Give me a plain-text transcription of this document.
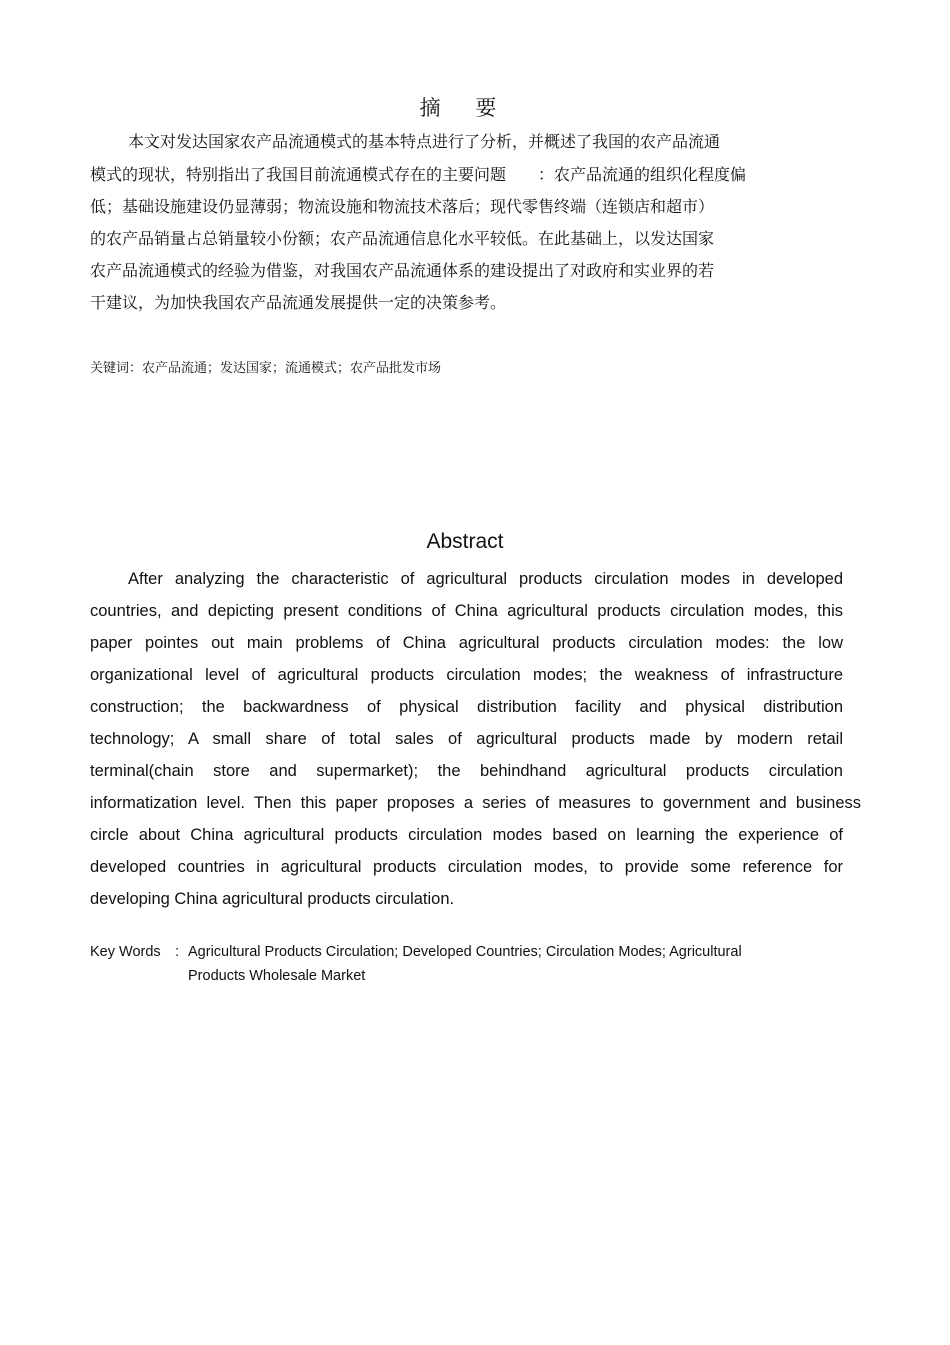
摘 要
本文对发达国家农产品流通模式的基本特点进行了分析，并概述了我国的农产品流通
模式的现状，特别指出了我国目前流通模式存在的主要问题　　：农产品流通的组织化程度偏
低；基础设施建设仍显薄弱；物流设施和物流技术落后；现代零售终端（连锁店和超市）
的农产品销量占总销量较小份额；农产品流通信息化水平较低。在此基础上，以发达国家
农产品流通模式的经验为借鉴，对我国农产品流通体系的建设提出了对政府和实业界的若
干建议，为加快我国农产品流通发展提供一定的决策参考。
关键词：农产品流通；发达国家；流通模式；农产品批发市场
Abstract
After analyzing the characteristic of agricultural products circulation modes in developed
countries, and depicting present conditions of China agricultural products circulation modes, this
paper pointes out main problems of China agricultural products circulation modes: the low
organizational level of agricultural products circulation modes; the weakness of infrastructure
construction; the backwardness of physical distribution facility and physical distribution
technology; A small share of total sales of agricultural products made by modern retail
terminal(chain store and supermarket); the behindhand agricultural products circulation
informatization level. Then this paper proposes a series of measures to government and business
circle about China agricultural products circulation modes based on learning the experience of
developed countries in agricultural products circulation modes, to provide some reference for
developing China agricultural products circulation.
Key Words　: Agricultural Products Circulation; Developed Countries; Circulation Modes; Agricultural Products Wholesale Market
